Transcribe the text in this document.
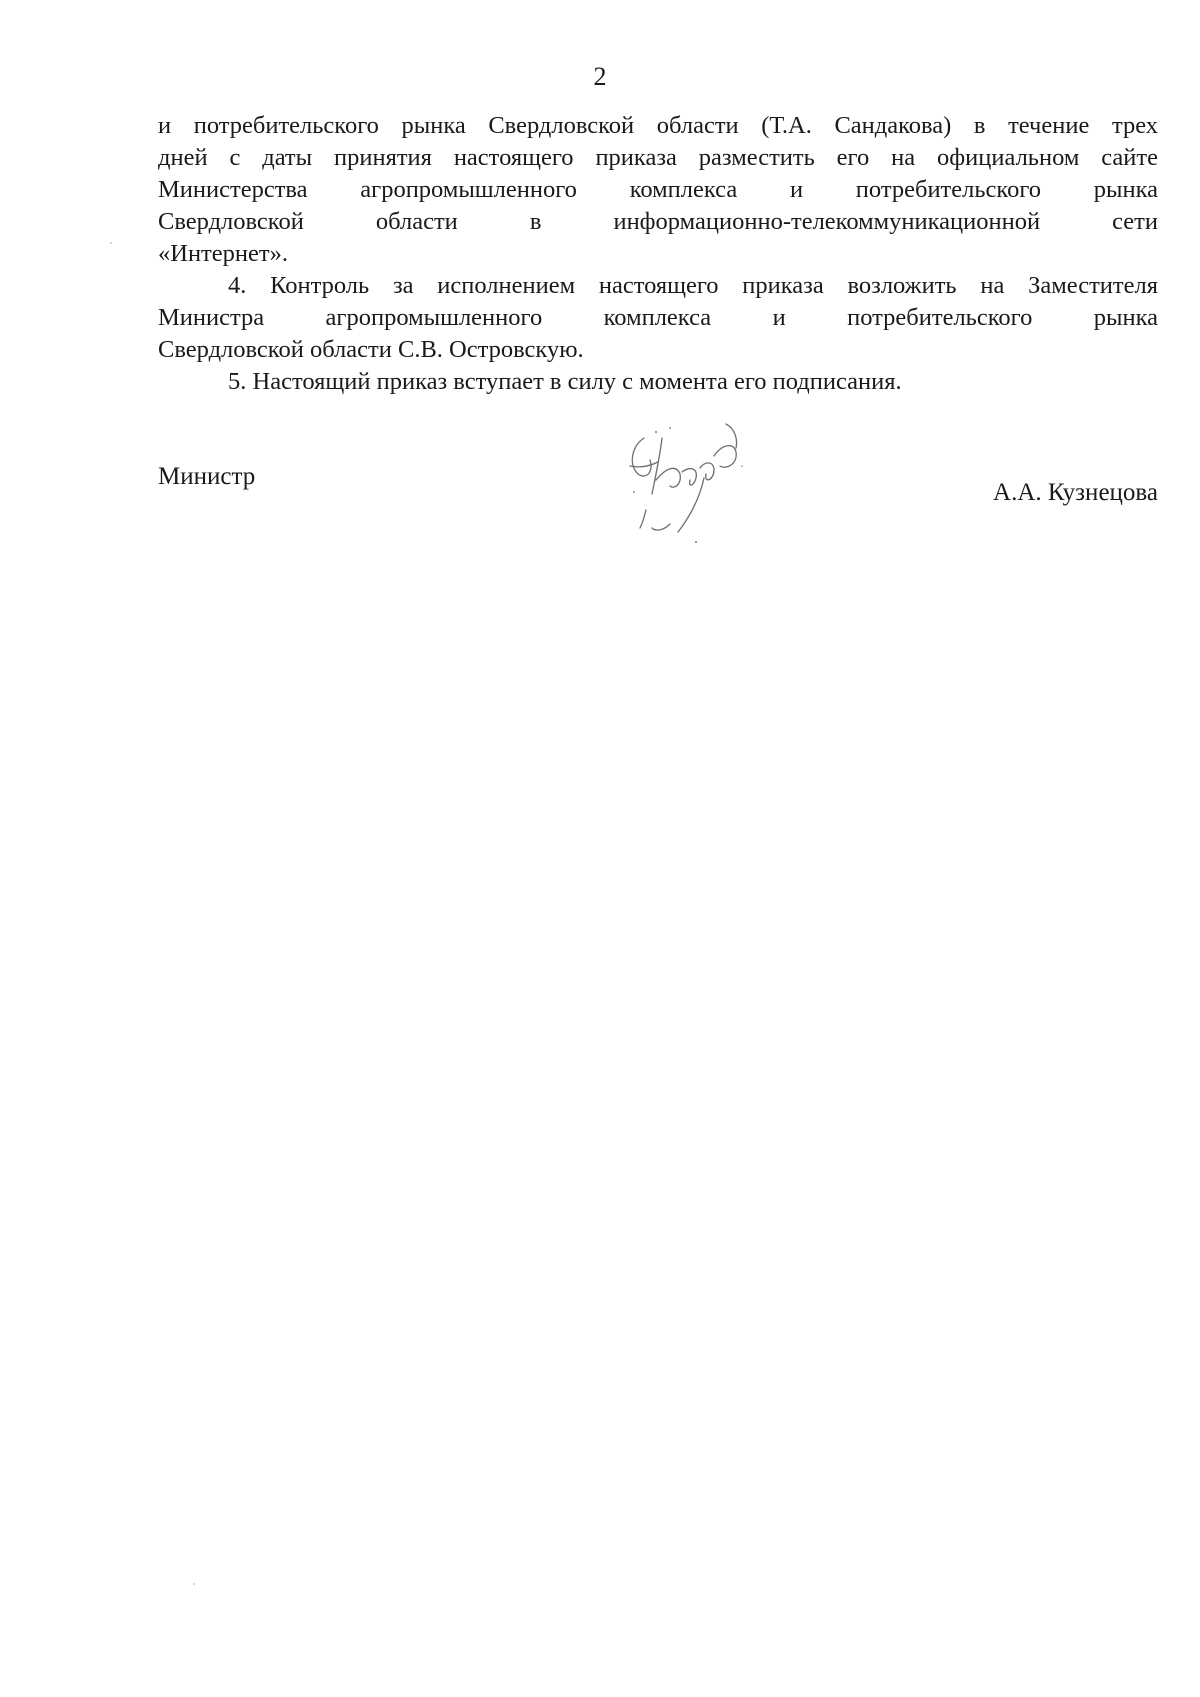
2
и потребительского рынка Свердловской области (Т.А. Сандакова) в течение трех
дней с даты принятия настоящего приказа разместить его на официальном сайте
Министерства агропромышленного комплекса и потребительского рынка
Свердловской области в информационно-телекоммуникационной сети
«Интернет».
4. Контроль за исполнением настоящего приказа возложить на Заместителя
Министра агропромышленного комплекса и потребительского рынка
Свердловской области С.В. Островскую.
5. Настоящий приказ вступает в силу с момента его подписания.
Министр
А.А. Кузнецова
